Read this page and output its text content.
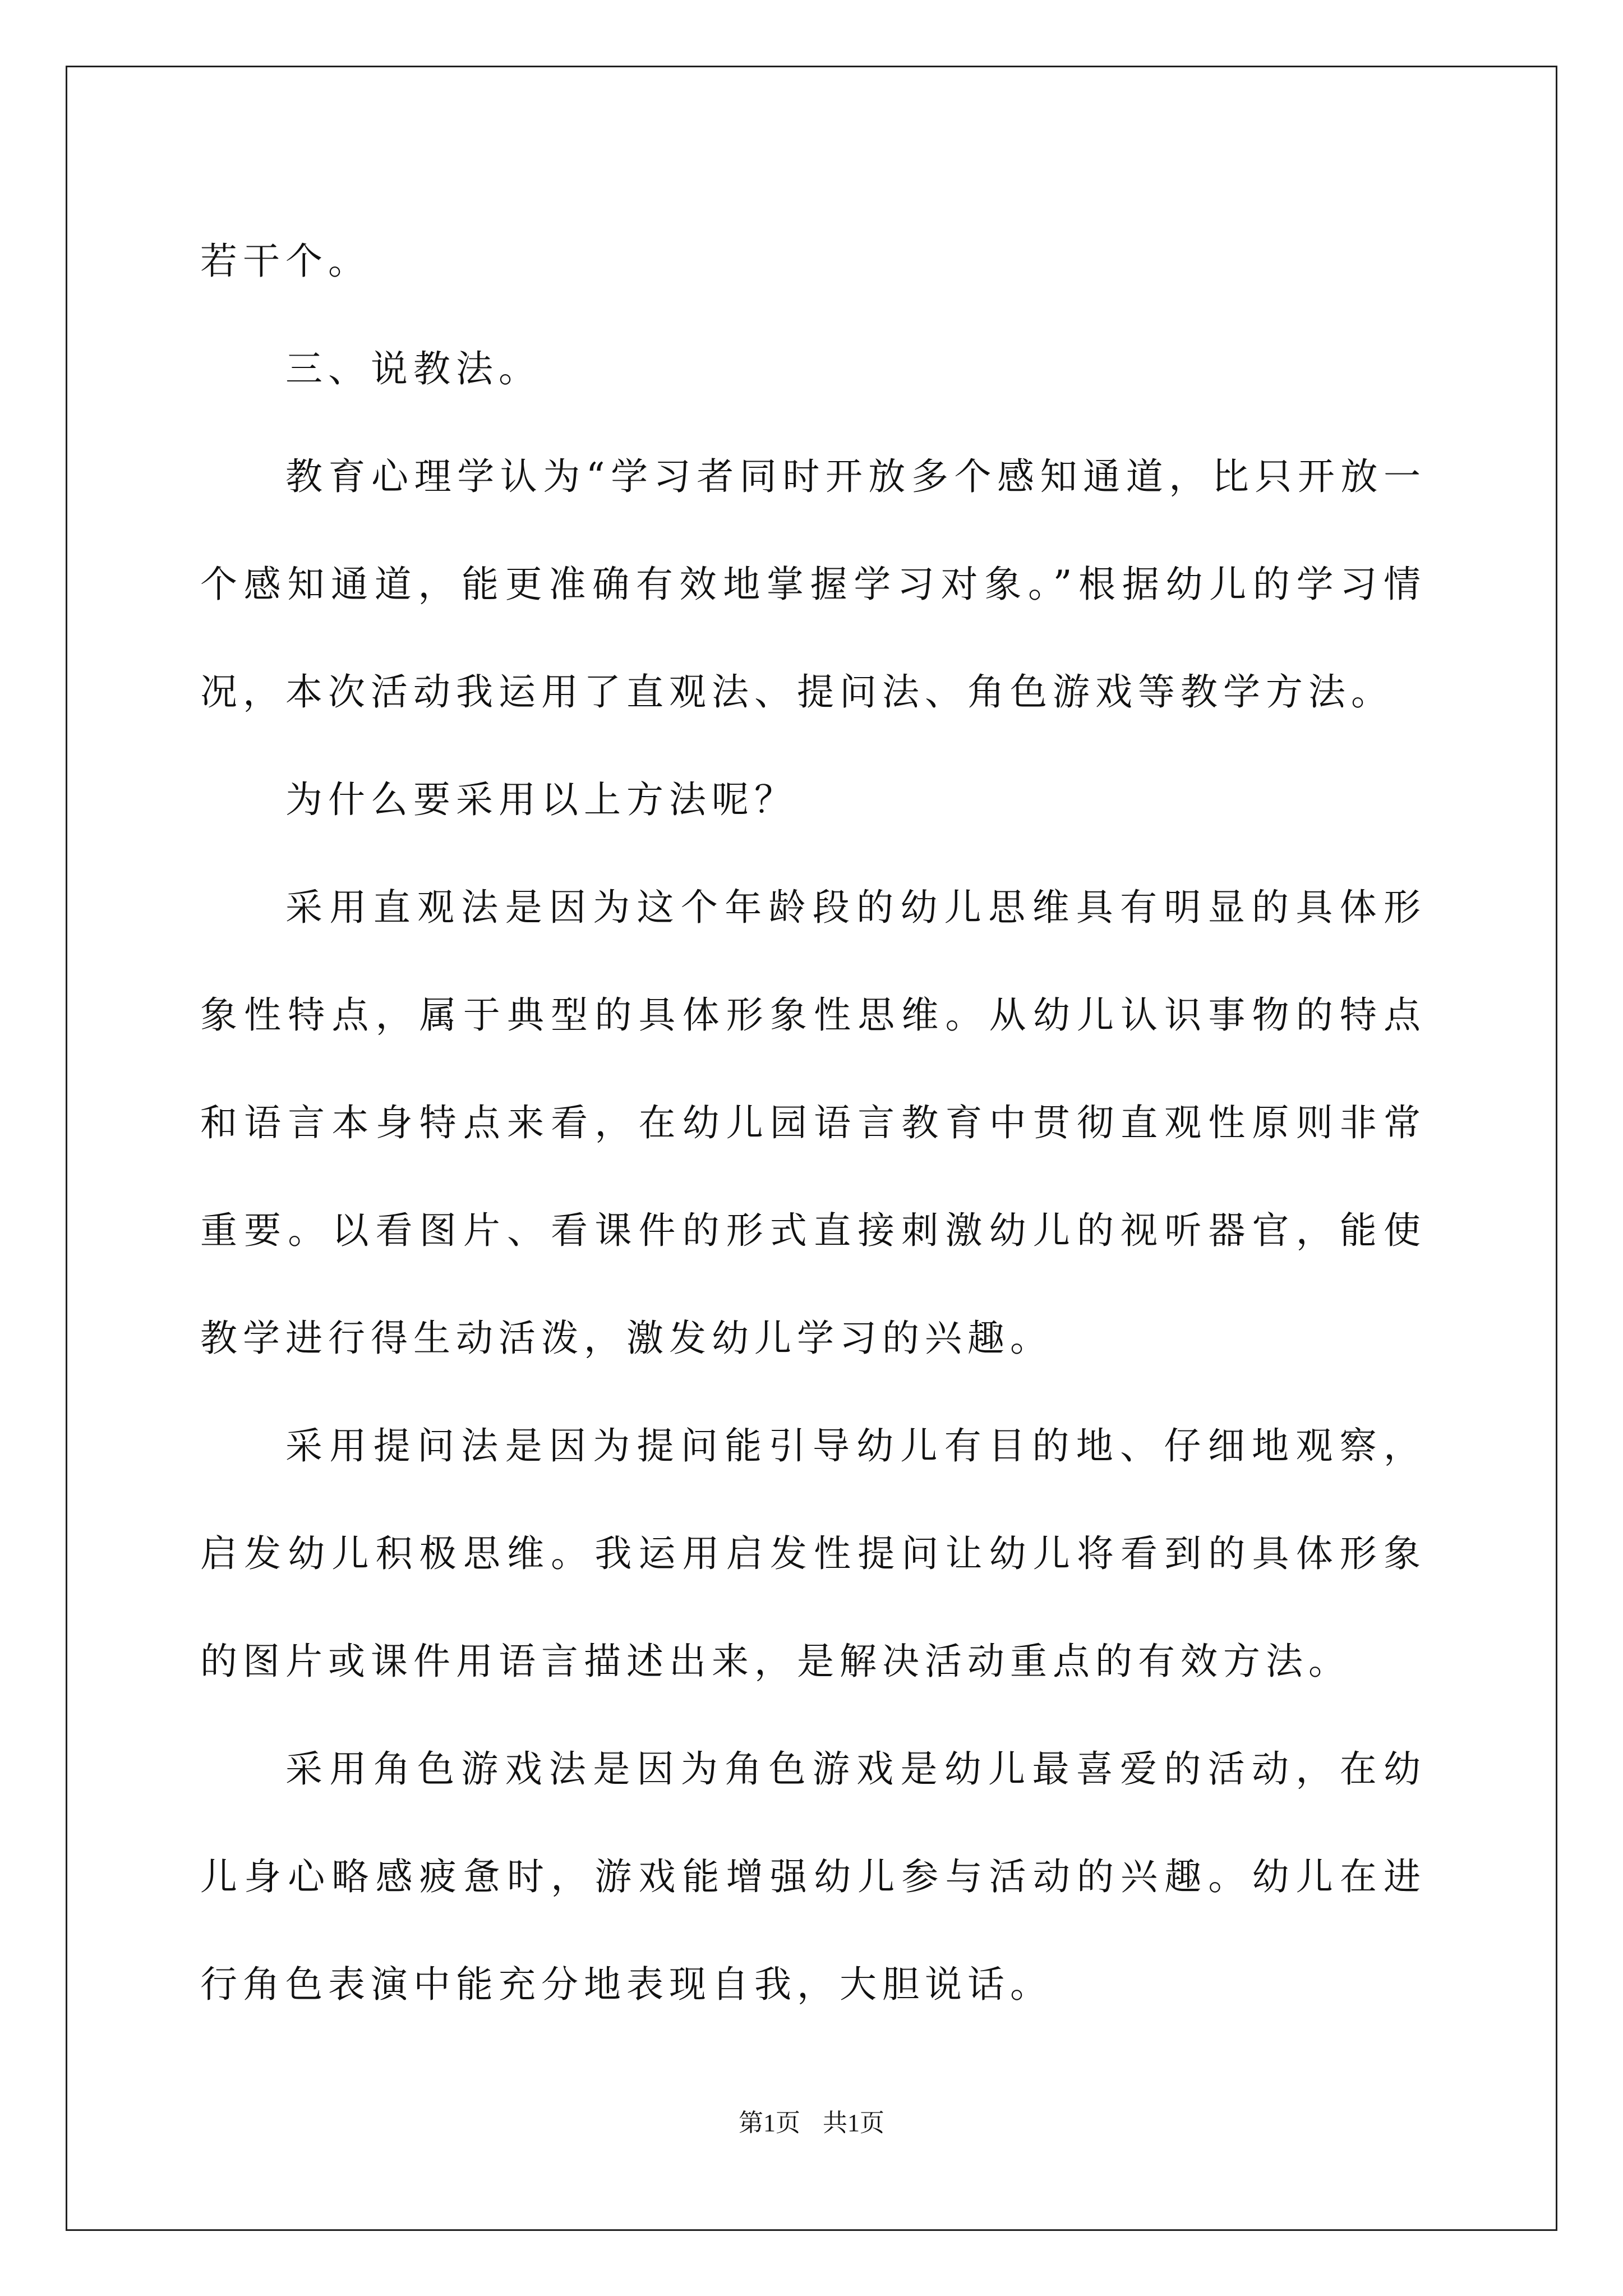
若干个。

三、说教法。

教育心理学认为“学习者同时开放多个感知通道，比只开放一个感知通道，能更准确有效地掌握学习对象。”根据幼儿的学习情况，本次活动我运用了直观法、提问法、角色游戏等教学方法。

为什么要采用以上方法呢？

采用直观法是因为这个年龄段的幼儿思维具有明显的具体形象性特点，属于典型的具体形象性思维。从幼儿认识事物的特点和语言本身特点来看，在幼儿园语言教育中贯彻直观性原则非常重要。以看图片、看课件的形式直接刺激幼儿的视听器官，能使教学进行得生动活泼，激发幼儿学习的兴趣。

采用提问法是因为提问能引导幼儿有目的地、仔细地观察，启发幼儿积极思维。我运用启发性提问让幼儿将看到的具体形象的图片或课件用语言描述出来，是解决活动重点的有效方法。

采用角色游戏法是因为角色游戏是幼儿最喜爱的活动，在幼儿身心略感疲惫时，游戏能增强幼儿参与活动的兴趣。幼儿在进行角色表演中能充分地表现自我，大胆说话。

第1页 共1页
